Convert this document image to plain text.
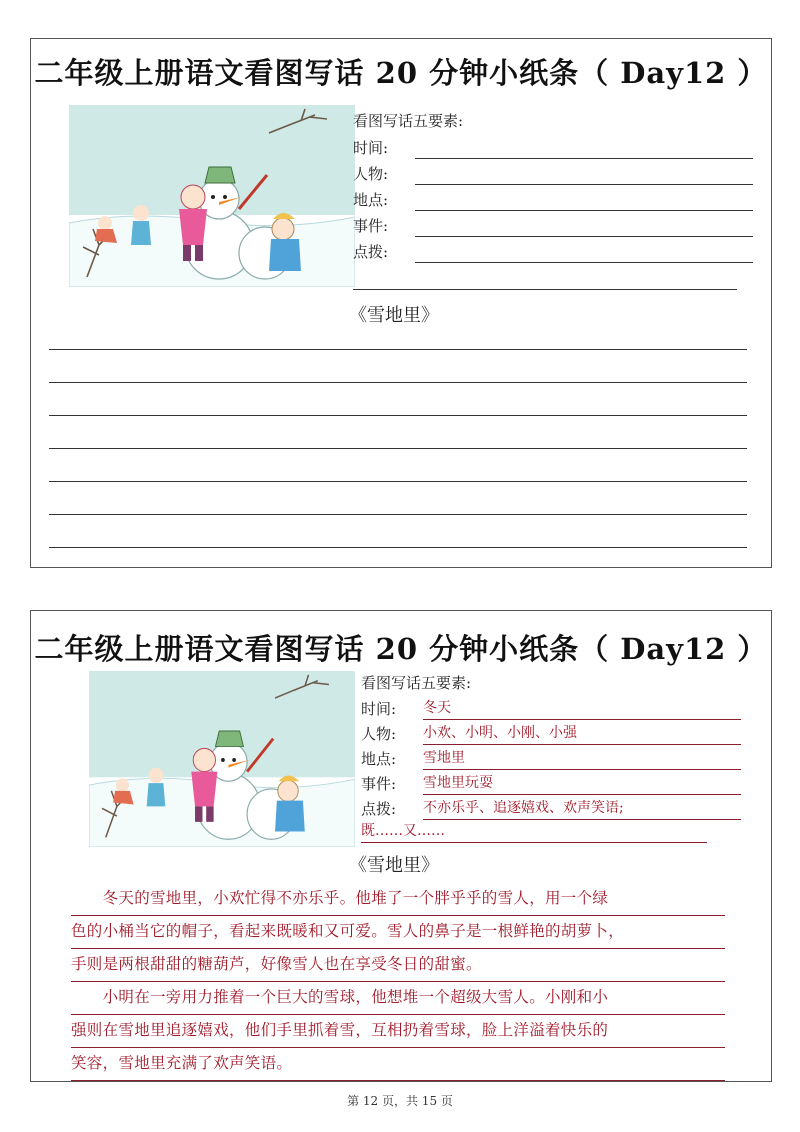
二年级上册语文看图写话 20 分钟小纸条（ Day12 ）
看图写话五要素:
时间:
人物:
地点:
事件:
点拨:
《雪地里》
二年级上册语文看图写话 20 分钟小纸条（ Day12 ）
看图写话五要素:
时间:	冬天
人物:	小欢、小明、小刚、小强
地点:	雪地里
事件:	雪地里玩耍
点拨:	不亦乐乎、追逐嬉戏、欢声笑语;
既……又……
《雪地里》
　　冬天的雪地里，小欢忙得不亦乐乎。他堆了一个胖乎乎的雪人，用一个绿
色的小桶当它的帽子，看起来既暖和又可爱。雪人的鼻子是一根鲜艳的胡萝卜，
手则是两根甜甜的糖葫芦，好像雪人也在享受冬日的甜蜜。
　　小明在一旁用力推着一个巨大的雪球，他想堆一个超级大雪人。小刚和小
强则在雪地里追逐嬉戏，他们手里抓着雪，互相扔着雪球，脸上洋溢着快乐的
笑容，雪地里充满了欢声笑语。
第 12 页，共 15 页
